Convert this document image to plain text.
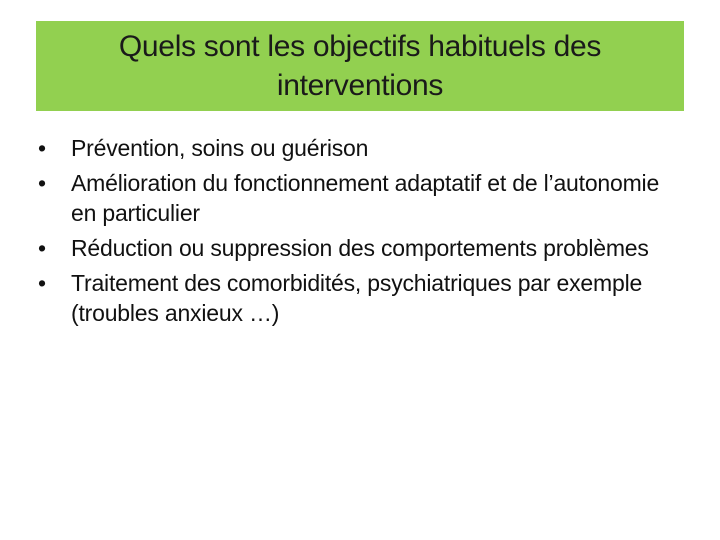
Quels sont les objectifs habituels des interventions
• Prévention, soins ou guérison
• Amélioration du fonctionnement adaptatif et de l’autonomie en particulier
• Réduction ou suppression des comportements problèmes
• Traitement des comorbidités, psychiatriques par exemple (troubles anxieux …)
